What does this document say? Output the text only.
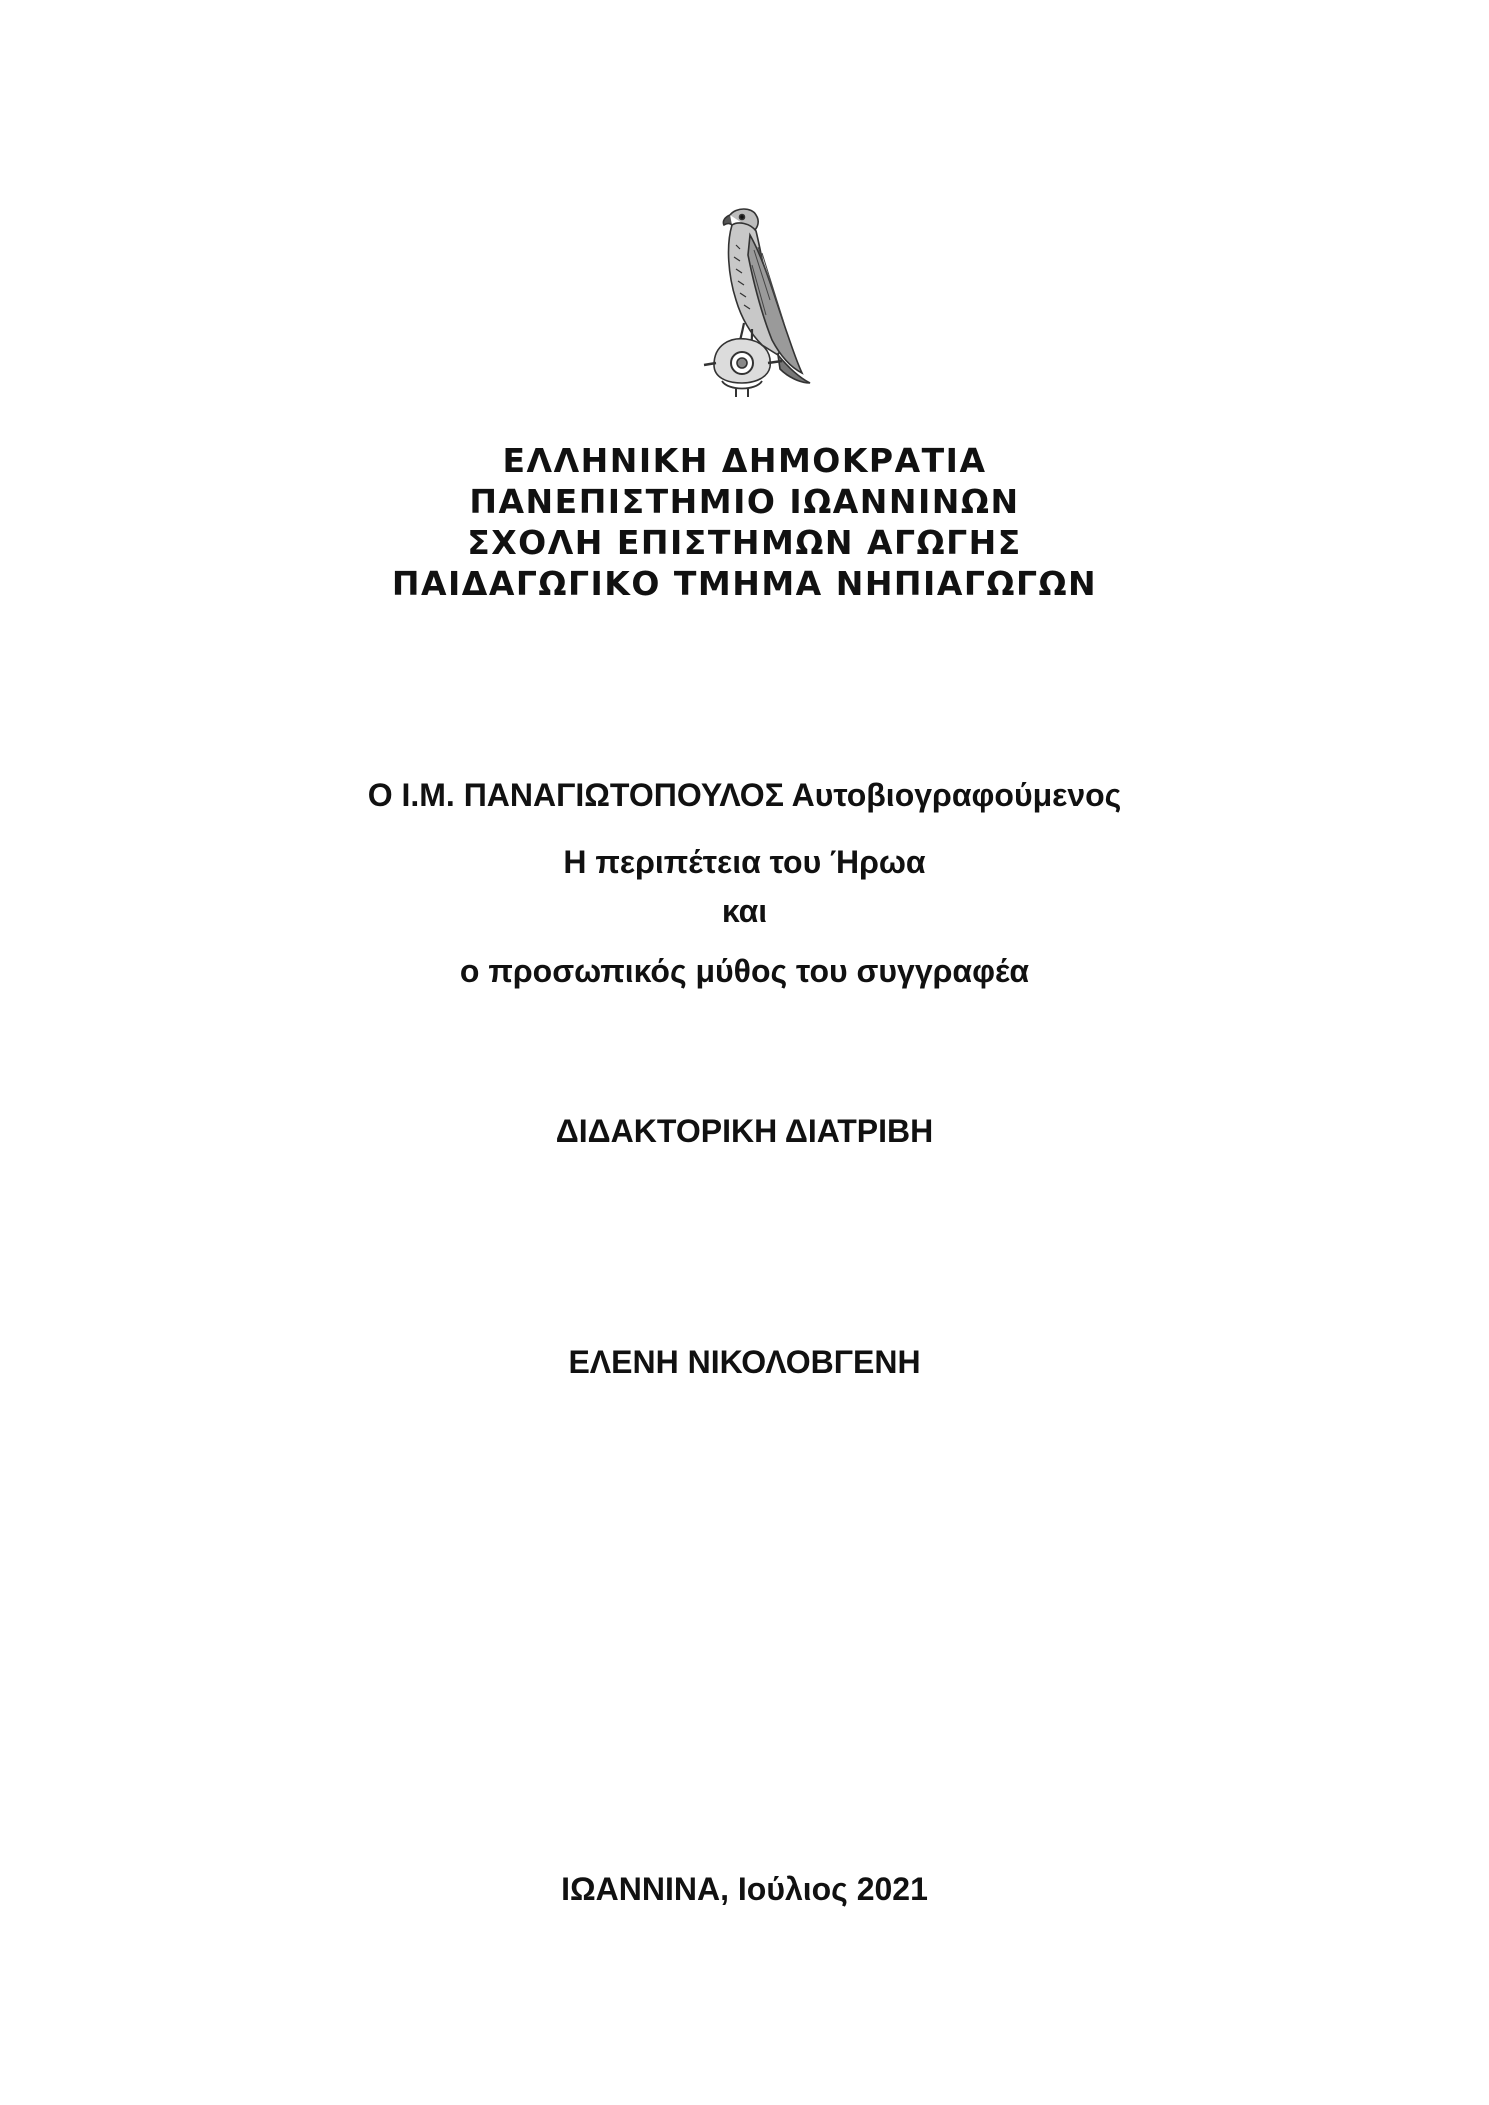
ΕΛΛΗΝΙΚΗ ΔΗΜΟΚΡΑΤΙΑ
ΠΑΝΕΠΙΣΤΗΜΙΟ ΙΩΑΝΝΙΝΩΝ
ΣΧΟΛΗ ΕΠΙΣΤΗΜΩΝ ΑΓΩΓΗΣ
ΠΑΙΔΑΓΩΓΙΚΟ ΤΜΗΜΑ ΝΗΠΙΑΓΩΓΩΝ
Ο Ι.Μ. ΠΑΝΑΓΙΩΤΟΠΟΥΛΟΣ Αυτοβιογραφούμενος
Η περιπέτεια του Ήρωα
και
ο προσωπικός μύθος του συγγραφέα
ΔΙΔΑΚΤΟΡΙΚΗ ΔΙΑΤΡΙΒΗ
ΕΛΕΝΗ ΝΙΚΟΛΟΒΓΕΝΗ
ΙΩΑΝΝΙΝΑ, Ιούλιος 2021
